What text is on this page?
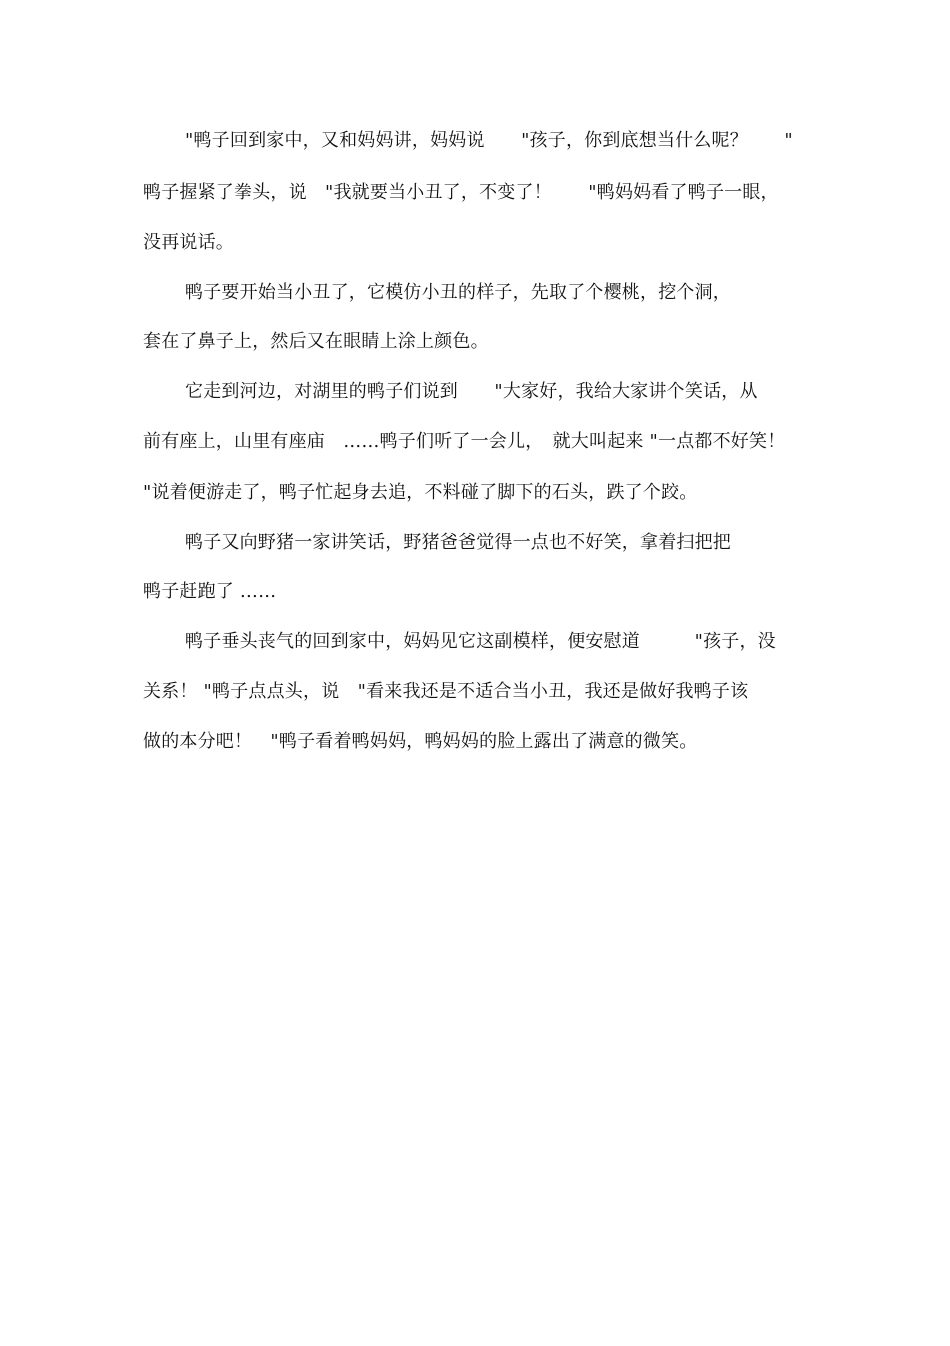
"鸭子回到家中，又和妈妈讲，妈妈说　　"孩子，你到底想当什么呢？　　"
鸭子握紧了拳头，说　"我就要当小丑了，不变了！　　"鸭妈妈看了鸭子一眼，
没再说话。
鸭子要开始当小丑了，它模仿小丑的样子，先取了个樱桃，挖个洞，
套在了鼻子上，然后又在眼睛上涂上颜色。
它走到河边，对湖里的鸭子们说到　　"大家好，我给大家讲个笑话，从
前有座上，山里有座庙　……鸭子们听了一会儿，　就大叫起来 "一点都不好笑！
"说着便游走了，鸭子忙起身去追，不料碰了脚下的石头，跌了个跤。
鸭子又向野猪一家讲笑话，野猪爸爸觉得一点也不好笑，拿着扫把把
鸭子赶跑了 ……
鸭子垂头丧气的回到家中，妈妈见它这副模样，便安慰道　　　"孩子，没
关系！ "鸭子点点头，说　"看来我还是不适合当小丑，我还是做好我鸭子该
做的本分吧！　"鸭子看着鸭妈妈，鸭妈妈的脸上露出了满意的微笑。
